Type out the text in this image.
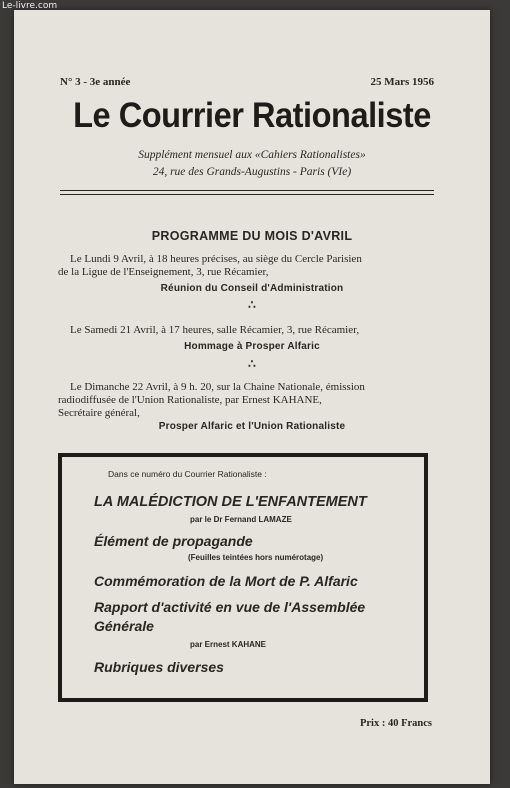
Le-livre.com
N° 3 - 3e année	25 Mars 1956
Le Courrier Rationaliste
Supplément mensuel aux «Cahiers Rationalistes»
24, rue des Grands-Augustins - Paris (VIe)
PROGRAMME DU MOIS D'AVRIL
Le Lundi 9 Avril, à 18 heures précises, au siège du Cercle Parisien
de la Ligue de l'Enseignement, 3, rue Récamier,
Réunion du Conseil d'Administration
∴
Le Samedi 21 Avril, à 17 heures, salle Récamier, 3, rue Récamier,
Hommage à Prosper Alfaric
∴
Le Dimanche 22 Avril, à 9 h. 20, sur la Chaine Nationale, émission
radiodiffusée de l'Union Rationaliste, par Ernest KAHANE,
Secrétaire général,
Prosper Alfaric et l'Union Rationaliste
Dans ce numéro du Courrier Rationaliste :
LA MALÉDICTION DE L'ENFANTEMENT
par le Dr Fernand LAMAZE
Élément de propagande
(Feuilles teintées hors numérotage)
Commémoration de la Mort de P. Alfaric
Rapport d'activité en vue de l'Assemblée
Générale
par Ernest KAHANE
Rubriques diverses
Prix : 40 Francs
